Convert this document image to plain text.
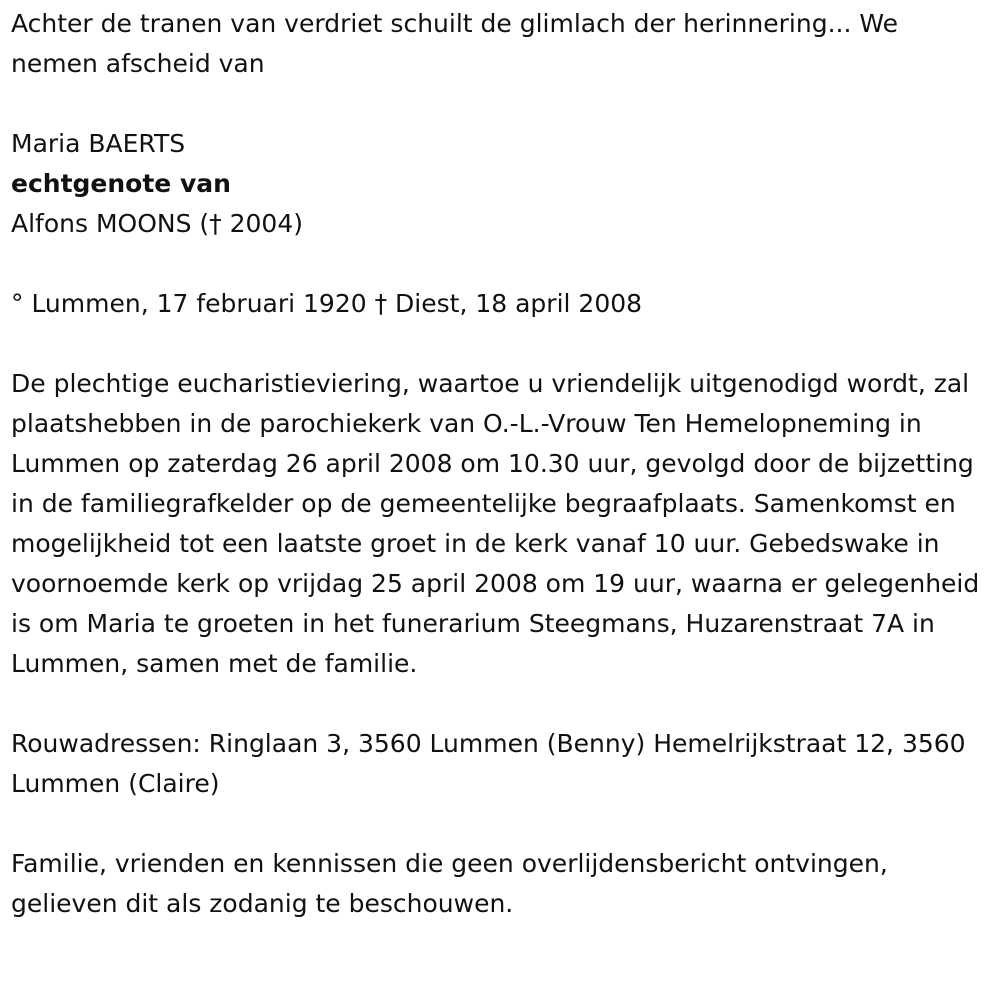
Achter de tranen van verdriet schuilt de glimlach der herinnering... We nemen afscheid van

Maria BAERTS

echtgenote van

Alfons MOONS († 2004)

° Lummen, 17 februari 1920 † Diest, 18 april 2008

De plechtige eucharistieviering, waartoe u vriendelijk uitgenodigd wordt, zal plaatshebben in de parochiekerk van O.-L.-Vrouw Ten Hemelopneming in Lummen op zaterdag 26 april 2008 om 10.30 uur, gevolgd door de bijzetting in de familiegrafkelder op de gemeentelijke begraafplaats. Samenkomst en mogelijkheid tot een laatste groet in de kerk vanaf 10 uur. Gebedswake in voornoemde kerk op vrijdag 25 april 2008 om 19 uur, waarna er gelegenheid is om Maria te groeten in het funerarium Steegmans, Huzarenstraat 7A in Lummen, samen met de familie.

Rouwadressen: Ringlaan 3, 3560 Lummen (Benny) Hemelrijkstraat 12, 3560 Lummen (Claire)

Familie, vrienden en kennissen die geen overlijdensbericht ontvingen, gelieven dit als zodanig te beschouwen.
